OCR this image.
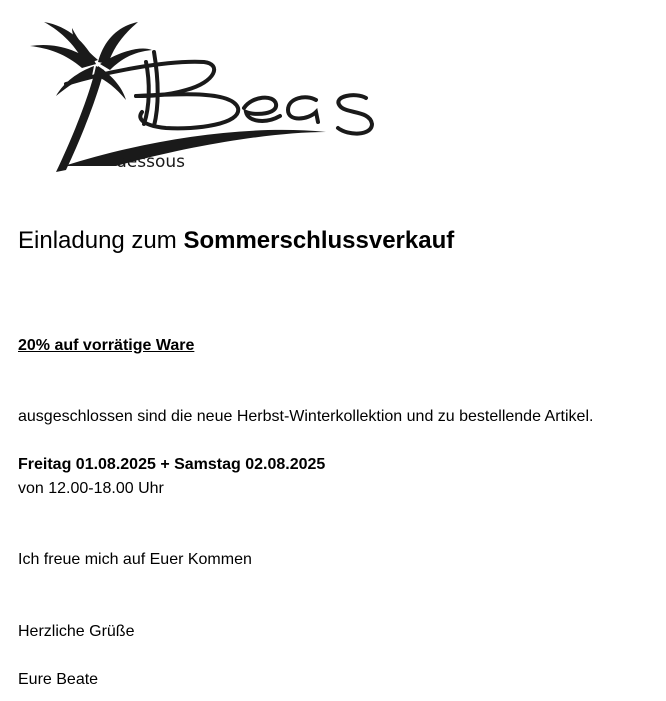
dessous

Einladung zum Sommerschlussverkauf

20% auf vorrätige Ware

ausgeschlossen sind die neue Herbst-Winterkollektion und zu bestellende Artikel.

Freitag 01.08.2025 + Samstag 02.08.2025

von 12.00-18.00 Uhr

Ich freue mich auf Euer Kommen

Herzliche Grüße

Eure Beate
